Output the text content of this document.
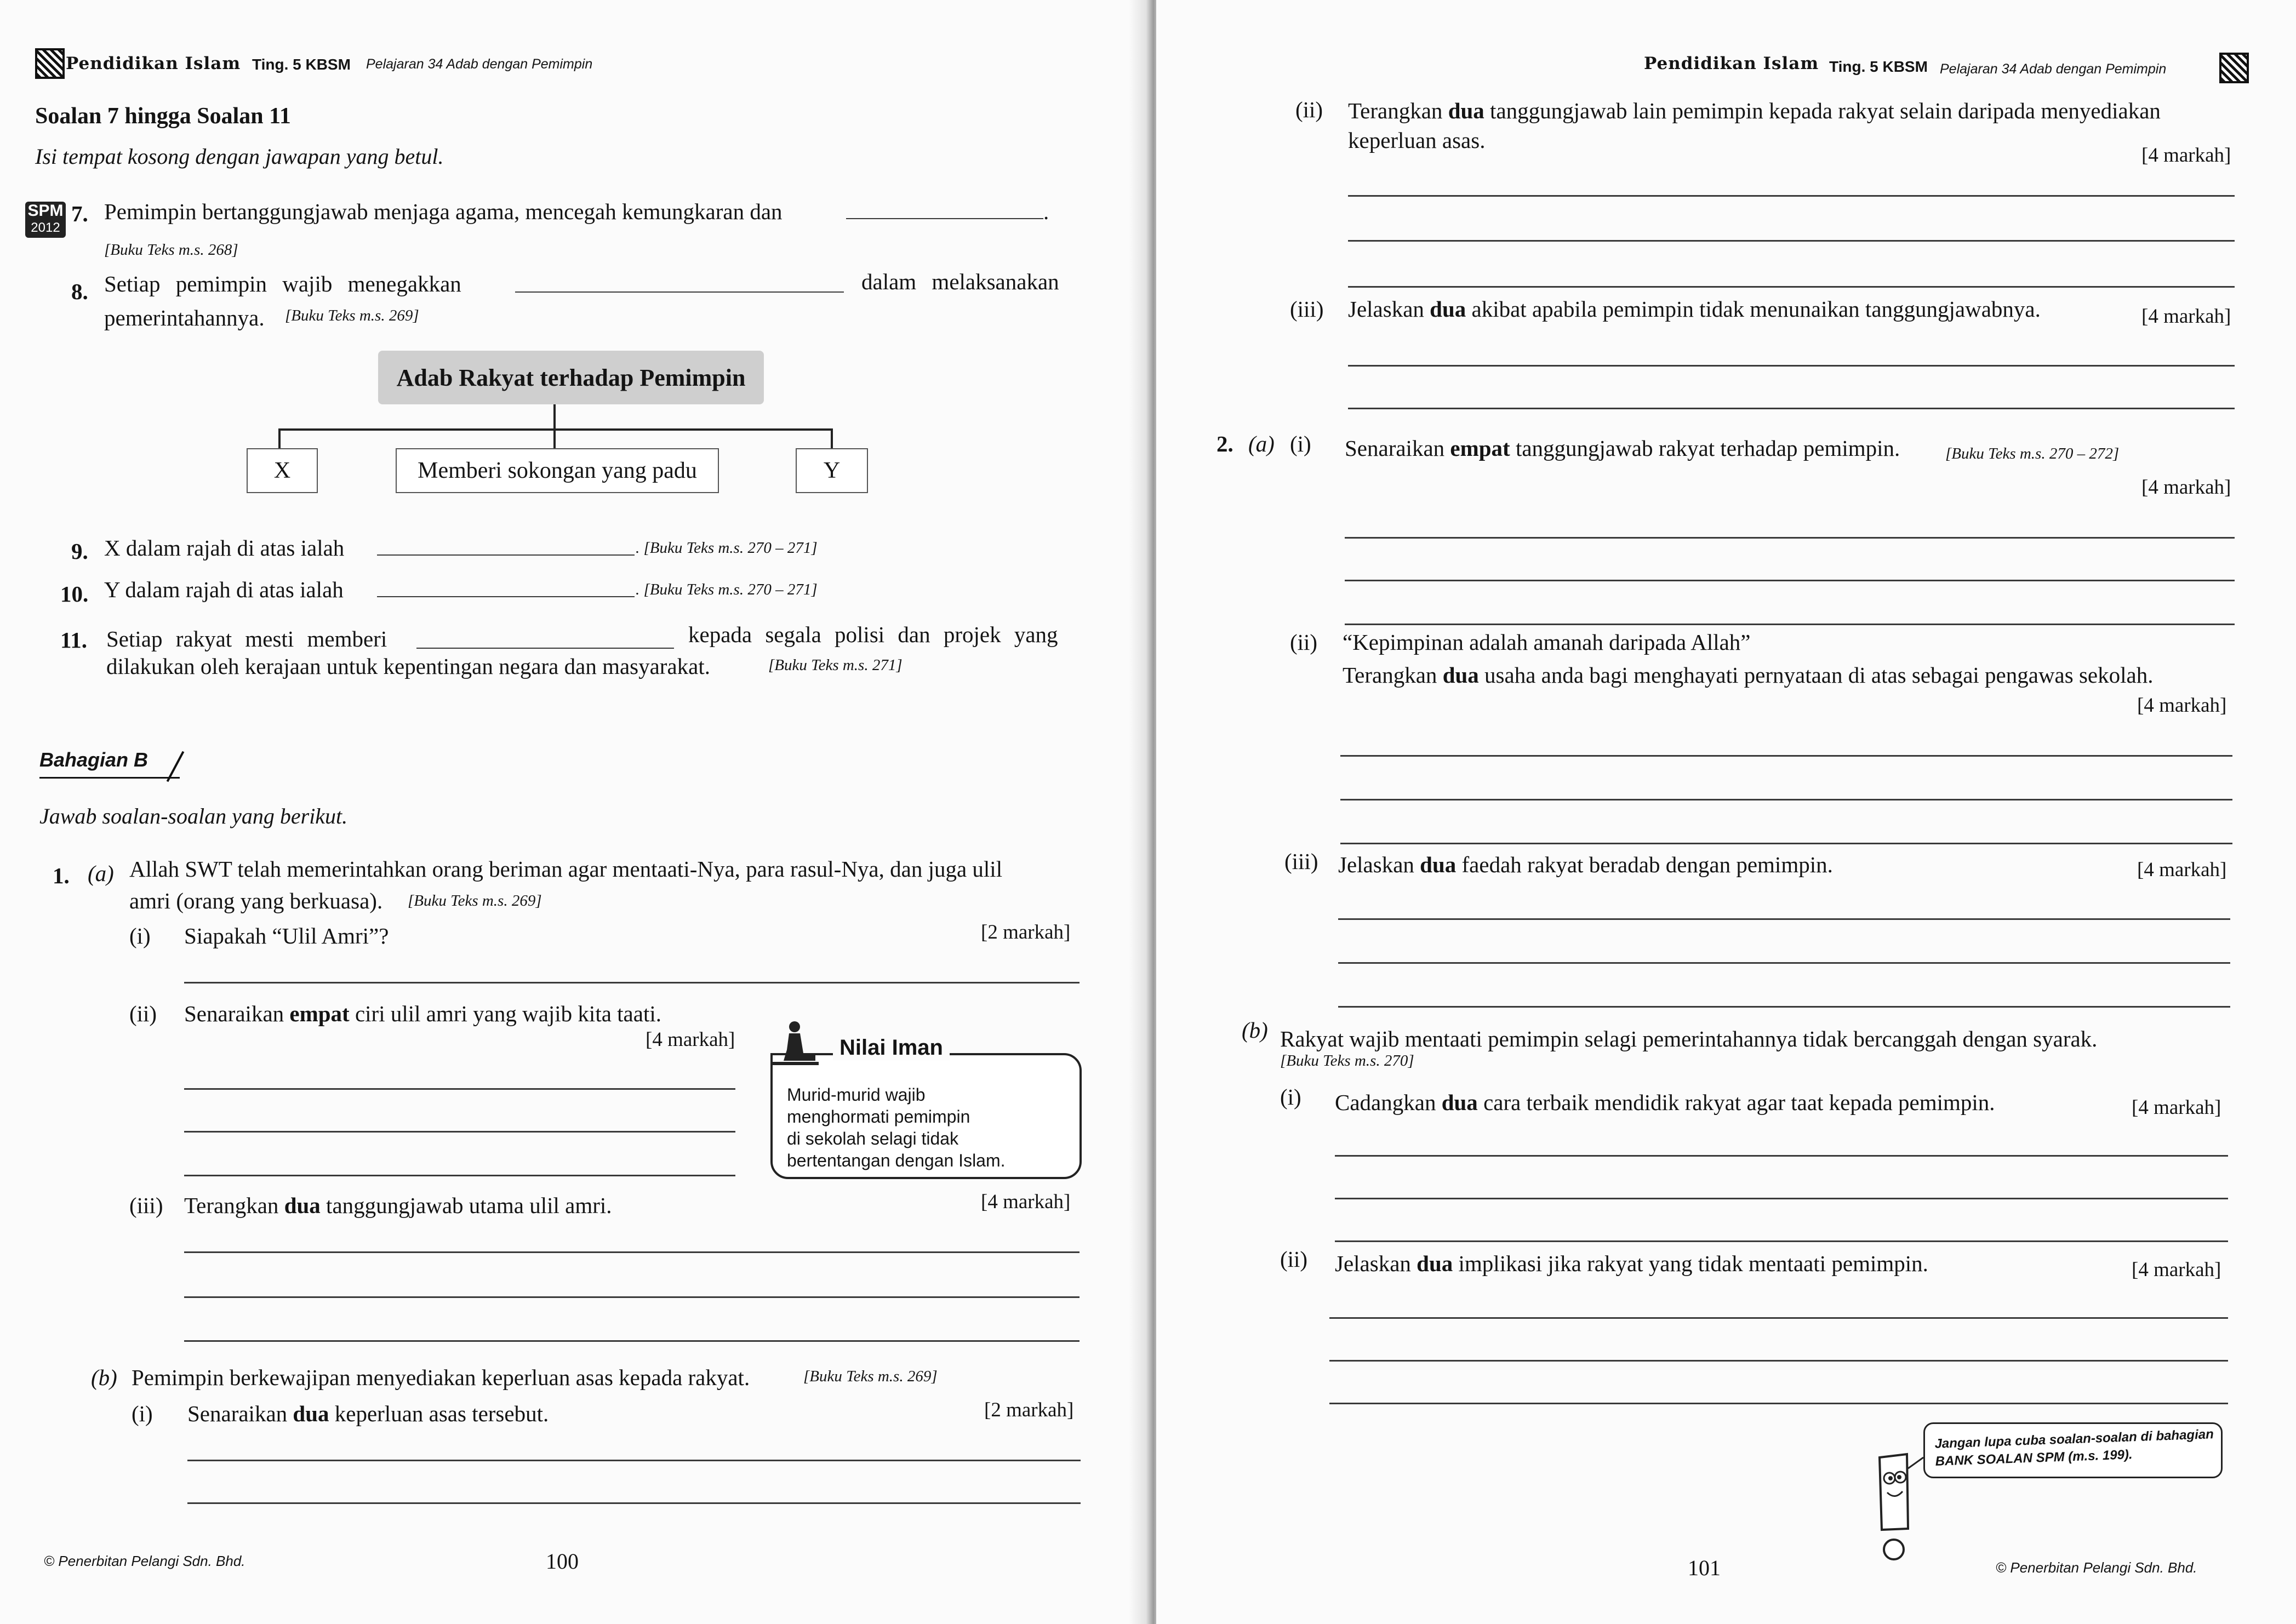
Pendidikan Islam Ting. 5 KBSM Pelajaran 34 Adab dengan Pemimpin
Soalan 7 hingga Soalan 11
Isi tempat kosong dengan jawapan yang betul.
SPM
2012
7. Pemimpin bertanggungjawab menjaga agama, mencegah kemungkaran dan	.
[Buku Teks m.s. 268]
8. Setiap pemimpin wajib menegakkan	dalam melaksanakan
pemerintahannya. [Buku Teks m.s. 269]
Adab Rakyat terhadap Pemimpin
X	Memberi sokongan yang padu	Y
9. X dalam rajah di atas ialah	. [Buku Teks m.s. 270 – 271]
10. Y dalam rajah di atas ialah	. [Buku Teks m.s. 270 – 271]
11. Setiap rakyat mesti memberi	kepada segala polisi dan projek yang
dilakukan oleh kerajaan untuk kepentingan negara dan masyarakat.	[Buku Teks m.s. 271]
Bahagian B
Jawab soalan-soalan yang berikut.
1. (a) Allah SWT telah memerintahkan orang beriman agar mentaati-Nya, para rasul-Nya, dan juga ulil
amri (orang yang berkuasa). [Buku Teks m.s. 269]
(i) Siapakah “Ulil Amri”?	[2 markah]
(ii) Senaraikan empat ciri ulil amri yang wajib kita taati.
[4 markah]
Murid-murid wajib
menghormati pemimpin
di sekolah selagi tidak
bertentangan dengan Islam.
Nilai Iman
(iii) Terangkan dua tanggungjawab utama ulil amri.	[4 markah]
(b) Pemimpin berkewajipan menyediakan keperluan asas kepada rakyat.	[Buku Teks m.s. 269]
(i) Senaraikan dua keperluan asas tersebut.	[2 markah]
© Penerbitan Pelangi Sdn. Bhd.	100
Pendidikan Islam Ting. 5 KBSM Pelajaran 34 Adab dengan Pemimpin
(ii) Terangkan dua tanggungjawab lain pemimpin kepada rakyat selain daripada menyediakan
keperluan asas.
[4 markah]
(iii) Jelaskan dua akibat apabila pemimpin tidak menunaikan tanggungjawabnya.	[4 markah]
2. (a) (i) Senaraikan empat tanggungjawab rakyat terhadap pemimpin.	[Buku Teks m.s. 270 – 272]
[4 markah]
(ii) “Kepimpinan adalah amanah daripada Allah”
Terangkan dua usaha anda bagi menghayati pernyataan di atas sebagai pengawas sekolah.
[4 markah]
(iii) Jelaskan dua faedah rakyat beradab dengan pemimpin.	[4 markah]
(b) Rakyat wajib mentaati pemimpin selagi pemerintahannya tidak bercanggah dengan syarak.
[Buku Teks m.s. 270]
(i) Cadangkan dua cara terbaik mendidik rakyat agar taat kepada pemimpin.	[4 markah]
(ii) Jelaskan dua implikasi jika rakyat yang tidak mentaati pemimpin.	[4 markah]
Jangan lupa cuba soalan-soalan di bahagian
BANK SOALAN SPM (m.s. 199).
101	© Penerbitan Pelangi Sdn. Bhd.
